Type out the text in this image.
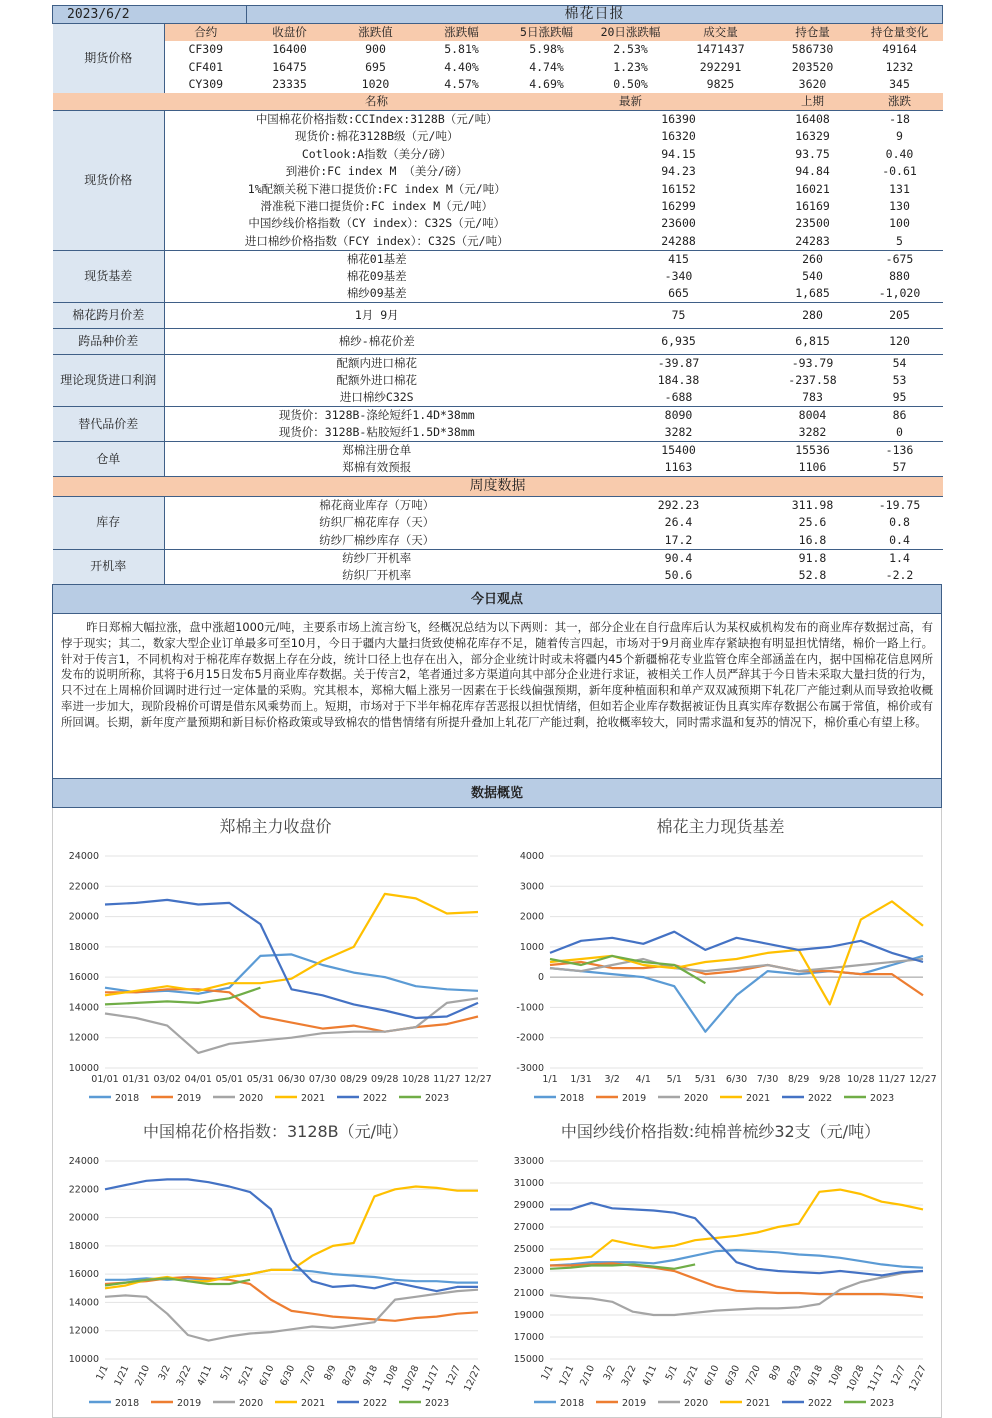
2023/6/2		棉花日报							
期货价格	合约	收盘价	涨跌值	涨跌幅	5日涨跌幅	20日涨跌幅	成交量	持仓量	持仓量变化
	CF309	16400	900	5.81%	5.98%	2.53%	1471437	586730	49164
	CF401	16475	695	4.40%	4.74%	1.23%	292291	203520	1232
	CY309	23335	1020	4.57%	4.69%	0.50%	9825	3620	345
	名称					最新		上期	涨跌
现货价格	中国棉花价格指数:CCIndex:3128B（元/吨）					16390		16408	-18
	现货价:棉花3128B级（元/吨）					16320		16329	9
	Cotlook:A指数（美分/磅）					94.15		93.75	0.40
	到港价:FC index M （美分/磅）					94.23		94.84	-0.61
	1%配额关税下港口提货价:FC index M（元/吨）					16152		16021	131
	滑准税下港口提货价:FC index M（元/吨）					16299		16169	130
	中国纱线价格指数（CY index）：C32S（元/吨）					23600		23500	100
	进口棉纱价格指数（FCY index）：C32S（元/吨）					24288		24283	5
现货基差	棉花01基差					415		260	-675
	棉花09基差					-340		540	880
	棉纱09基差					665		1,685	-1,020
棉花跨月价差	1月 9月					75		280	205
跨品种价差	棉纱-棉花价差					6,935		6,815	120
理论现货进口利润	配额内进口棉花					-39.87		-93.79	54
	配额外进口棉花					184.38		-237.58	53
	进口棉纱C32S					-688		783	95
替代品价差	现货价：3128B-涤纶短纤1.4D*38mm					8090		8004	86
	现货价：3128B-粘胶短纤1.5D*38mm					3282		3282	0
仓单	郑棉注册仓单					15400		15536	-136
	郑棉有效预报					1163		1106	57
周度数据									
库存	棉花商业库存（万吨）					292.23		311.98	-19.75
	纺织厂棉花库存（天）					26.4		25.6	0.8
	纺纱厂棉纱库存（天）					17.2		16.8	0.4
开机率	纺纱厂开机率					90.4		91.8	1.4
	纺织厂开机率					50.6		52.8	-2.2
今日观点
昨日郑棉大幅拉涨，盘中涨超1000元/吨，主要系市场上流言纷飞，经概况总结为以下两则：其一，部分企业在自行盘库后认为某权威机构发布的商业库存数据过高，有悖于现实；其二，数家大型企业订单最多可至10月，今日于疆内大量扫货致使棉花库存不足，随着传言四起，市场对于9月商业库存紧缺抱有明显担忧情绪，棉价一路上行。针对于传言1，不同机构对于棉花库存数据上存在分歧，统计口径上也存在出入，部分企业统计时或未将疆内45个新疆棉花专业监管仓库全部涵盖在内，据中国棉花信息网所发布的说明所称，其将于6月15日发布5月商业库存数据。关于传言2，笔者通过多方渠道向其中部分企业进行求证，被相关工作人员严辞其于今日皆未采取大量扫货的行为，只不过在上周棉价回调时进行过一定体量的采购。究其根本，郑棉大幅上涨另一因素在于长线偏强预期，新年度种植面积和单产双双减预期下轧花厂产能过剩从而导致抢收概率进一步加大，现阶段棉价可谓是借东风乘势而上。短期，市场对于下半年棉花库存苦恶报以担忧情绪，但如若企业库存数据被证伪且真实库存数据公布属于常值，棉价或有所回调。长期，新年度产量预期和新目标价格政策或导致棉农的惜售情绪有所提升叠加上轧花厂产能过剩，抢收概率较大，同时需求温和复苏的情况下，棉价重心有望上移。
数据概览
郑棉主力收盘价
10000
12000
14000
16000
18000
20000
22000
24000
01/01 01/31 03/02 04/01 05/01 05/31 06/30 07/30 08/29 09/28 10/28 11/27 12/27
2018	2019	2020	2021	2022	2023
棉花主力现货基差
-3000
-2000
-1000
0
1000
2000
3000
4000
1/1 1/31 3/2 4/1 5/1 5/31 6/30 7/30 8/29 9/28 10/28 11/27 12/27
2018	2019	2020	2021	2022	2023
中国棉花价格指数：3128B（元/吨）
10000
12000
14000
16000
18000
20000
22000
24000
1/1 1/21 2/10 3/2 3/22 4/11 5/1 5/21 6/10 6/30 7/20 8/9 8/29 9/18 10/8 10/28 11/17 12/7 12/27
2018	2019	2020	2021	2022	2023
中国纱线价格指数:纯棉普梳纱32支（元/吨）
15000
17000
19000
21000
23000
25000
27000
29000
31000
33000
1/1 1/21 2/10 3/2 3/22 4/11 5/1 5/21 6/10 6/30 7/20 8/9 8/29 9/18 10/8 10/28 11/17 12/7 12/27
2018	2019	2020	2021	2022	2023
